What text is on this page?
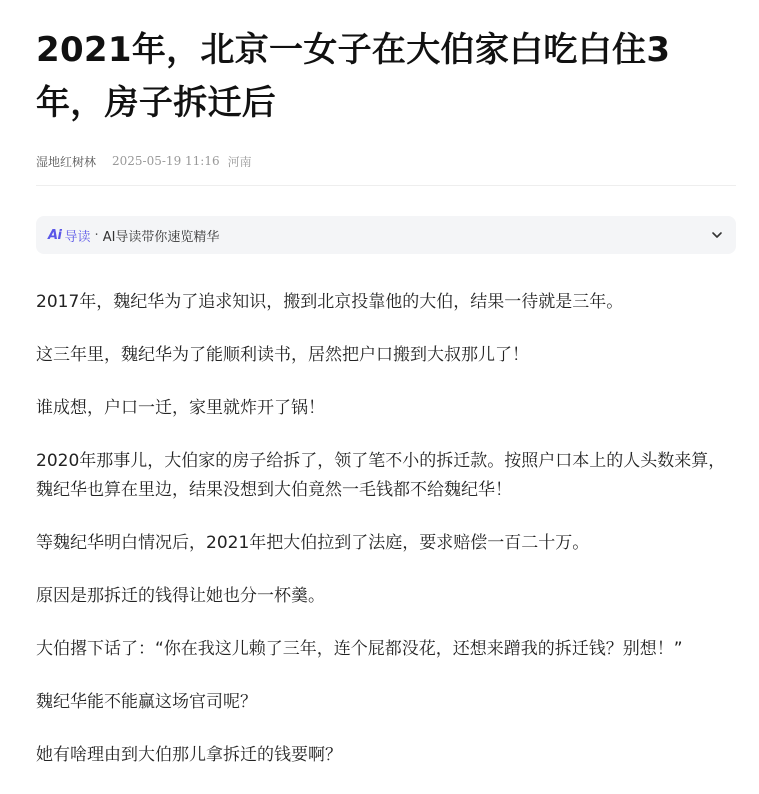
2021年，北京一女子在大伯家白吃白住3年，房子拆迁后
湿地红树林 2025-05-19 11:16 河南
Ai 导读 · AI导读带你速览精华

2017年，魏纪华为了追求知识，搬到北京投靠他的大伯，结果一待就是三年。

这三年里，魏纪华为了能顺利读书，居然把户口搬到大叔那儿了！

谁成想，户口一迁，家里就炸开了锅！

2020年那事儿，大伯家的房子给拆了，领了笔不小的拆迁款。按照户口本上的人头数来算，魏纪华也算在里边，结果没想到大伯竟然一毛钱都不给魏纪华！

等魏纪华明白情况后，2021年把大伯拉到了法庭，要求赔偿一百二十万。

原因是那拆迁的钱得让她也分一杯羹。

大伯撂下话了：“你在我这儿赖了三年，连个屁都没花，还想来蹭我的拆迁钱？别想！”

魏纪华能不能赢这场官司呢？

她有啥理由到大伯那儿拿拆迁的钱要啊？
